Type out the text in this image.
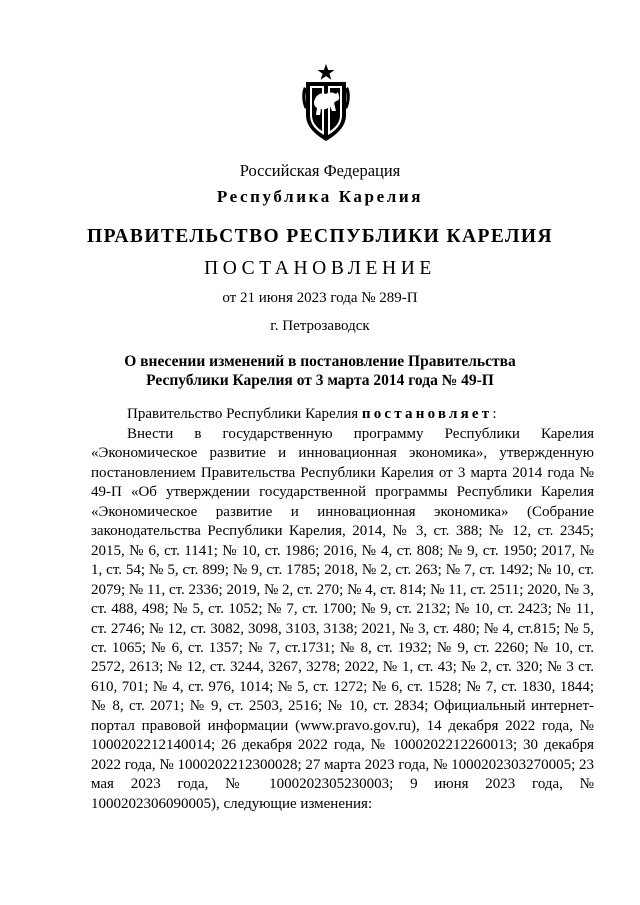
Российская Федерация
Республика Карелия
ПРАВИТЕЛЬСТВО РЕСПУБЛИКИ КАРЕЛИЯ
ПОСТАНОВЛЕНИЕ
от 21 июня 2023 года № 289-П
г. Петрозаводск
О внесении изменений в постановление Правительства
Республики Карелия от 3 марта 2014 года № 49-П
Правительство Республики Карелия постановляет:
Внести в государственную программу Республики Карелия «Экономическое развитие и инновационная экономика», утвержденную постановлением Правительства Республики Карелия от 3 марта 2014 года № 49-П «Об утверждении государственной программы Республики Карелия «Экономическое развитие и инновационная экономика» (Собрание законодательства Республики Карелия, 2014, № 3, ст. 388; № 12, ст. 2345; 2015, № 6, ст. 1141; № 10, ст. 1986; 2016, № 4, ст. 808; № 9, ст. 1950; 2017, № 1, ст. 54; № 5, ст. 899; № 9, ст. 1785; 2018, № 2, ст. 263; № 7, ст. 1492; № 10, ст. 2079; № 11, ст. 2336; 2019, № 2, ст. 270; № 4, ст. 814; № 11, ст. 2511; 2020, № 3, ст. 488, 498; № 5, ст. 1052; № 7, ст. 1700; № 9, ст. 2132; № 10, ст. 2423; № 11, ст. 2746; № 12, ст. 3082, 3098, 3103, 3138; 2021, № 3, ст. 480; № 4, ст.815; № 5, ст. 1065; № 6, ст. 1357; № 7, ст.1731; № 8, ст. 1932; № 9, ст. 2260; № 10, ст. 2572, 2613; № 12, ст. 3244, 3267, 3278; 2022, № 1, ст. 43; № 2, ст. 320; № 3 ст. 610, 701; № 4, ст. 976, 1014; № 5, ст. 1272; № 6, ст. 1528; № 7, ст. 1830, 1844; № 8, ст. 2071; № 9, ст. 2503, 2516; № 10, ст. 2834; Официальный интернет-портал правовой информации (www.pravo.gov.ru), 14 декабря 2022 года, № 1000202212140014; 26 декабря 2022 года, № 1000202212260013; 30 декабря 2022 года, № 1000202212300028; 27 марта 2023 года, № 1000202303270005; 23 мая 2023 года, № 1000202305230003; 9 июня 2023 года, № 1000202306090005), следующие изменения:
